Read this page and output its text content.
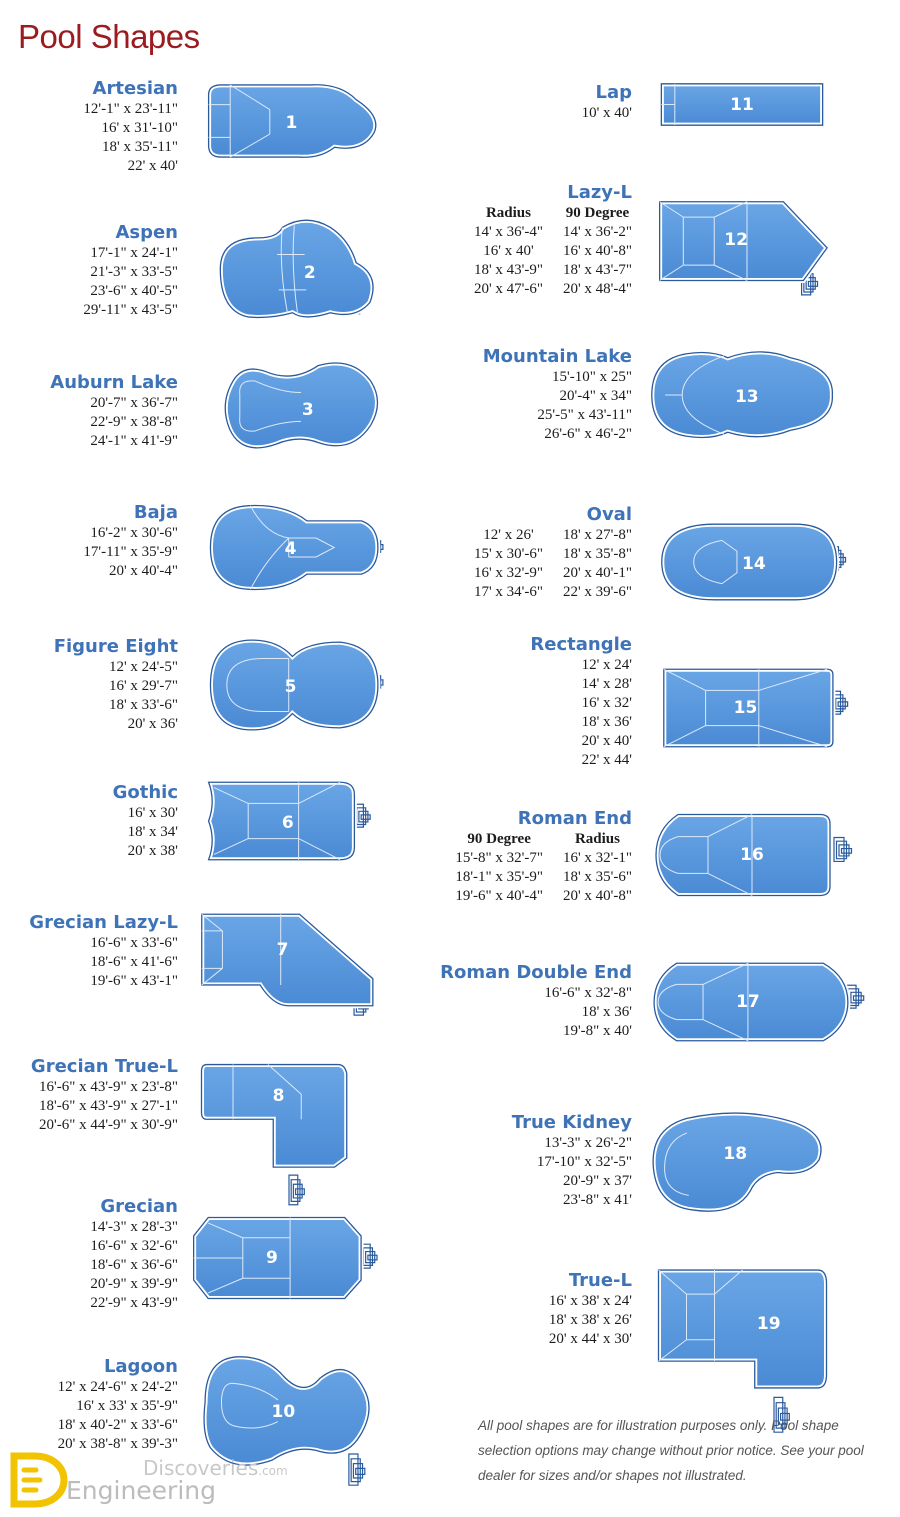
Pool Shapes
Artesian
12'-1" x 23'-11"
16' x 31'-10"
18' x 35'-11"
22' x 40'
1
Aspen
17'-1" x 24'-1"
21'-3" x 33'-5"
23'-6" x 40'-5"
29'-11" x 43'-5"
2
Auburn Lake
20'-7" x 36'-7"
22'-9" x 38'-8"
24'-1" x 41'-9"
3
Baja
16'-2" x 30'-6"
17'-11" x 35'-9"
20' x 40'-4"
4
Figure Eight
12' x 24'-5"
16' x 29'-7"
18' x 33'-6"
20' x 36'
5
Gothic
16' x 30'
18' x 34'
20' x 38'
6
Grecian Lazy-L
16'-6" x 33'-6"
18'-6" x 41'-6"
19'-6" x 43'-1"
7
Grecian True-L
16'-6" x 43'-9" x 23'-8"
18'-6" x 43'-9" x 27'-1"
20'-6" x 44'-9" x 30'-9"
8
Grecian
14'-3" x 28'-3"
16'-6" x 32'-6"
18'-6" x 36'-6"
20'-9" x 39'-9"
22'-9" x 43'-9"
9
Lagoon
12' x 24'-6" x 24'-2"
16' x 33' x 35'-9"
18' x 40'-2" x 33'-6"
20' x 38'-8" x 39'-3"
10
Lap
10' x 40'	11
Lazy-L
Radius
14' x 36'-4"
16' x 40'
18' x 43'-9"
20' x 47'-6"
90 Degree
14' x 36'-2"
16' x 40'-8"
18' x 43'-7"
20' x 48'-4"
12
Mountain Lake
15'-10" x 25"
20'-4" x 34"
25'-5" x 43'-11"
26'-6" x 46'-2"
13
Oval
12' x 26'
15' x 30'-6"
16' x 32'-9"
17' x 34'-6"
18' x 27'-8"
18' x 35'-8"
20' x 40'-1"
22' x 39'-6"
14
Rectangle
12' x 24'
14' x 28'
16' x 32'
18' x 36'
20' x 40'
22' x 44'
15
Roman End
90 Degree
15'-8" x 32'-7"
18'-1" x 35'-9"
19'-6" x 40'-4"
Radius
16' x 32'-1"
18' x 35'-6"
20' x 40'-8"
16
Roman Double End
16'-6" x 32'-8"
18' x 36'
19'-8" x 40'
17
True Kidney
13'-3" x 26'-2"
17'-10" x 32'-5"
20'-9" x 37'
23'-8" x 41'
18
True-L
16' x 38' x 24'
18' x 38' x 26'
20' x 44' x 30'
19
All pool shapes are for illustration purposes only. Pool shape selection options may change without prior notice. See your pool dealer for sizes and/or shapes not illustrated.
Discoveries.com
Engineering
